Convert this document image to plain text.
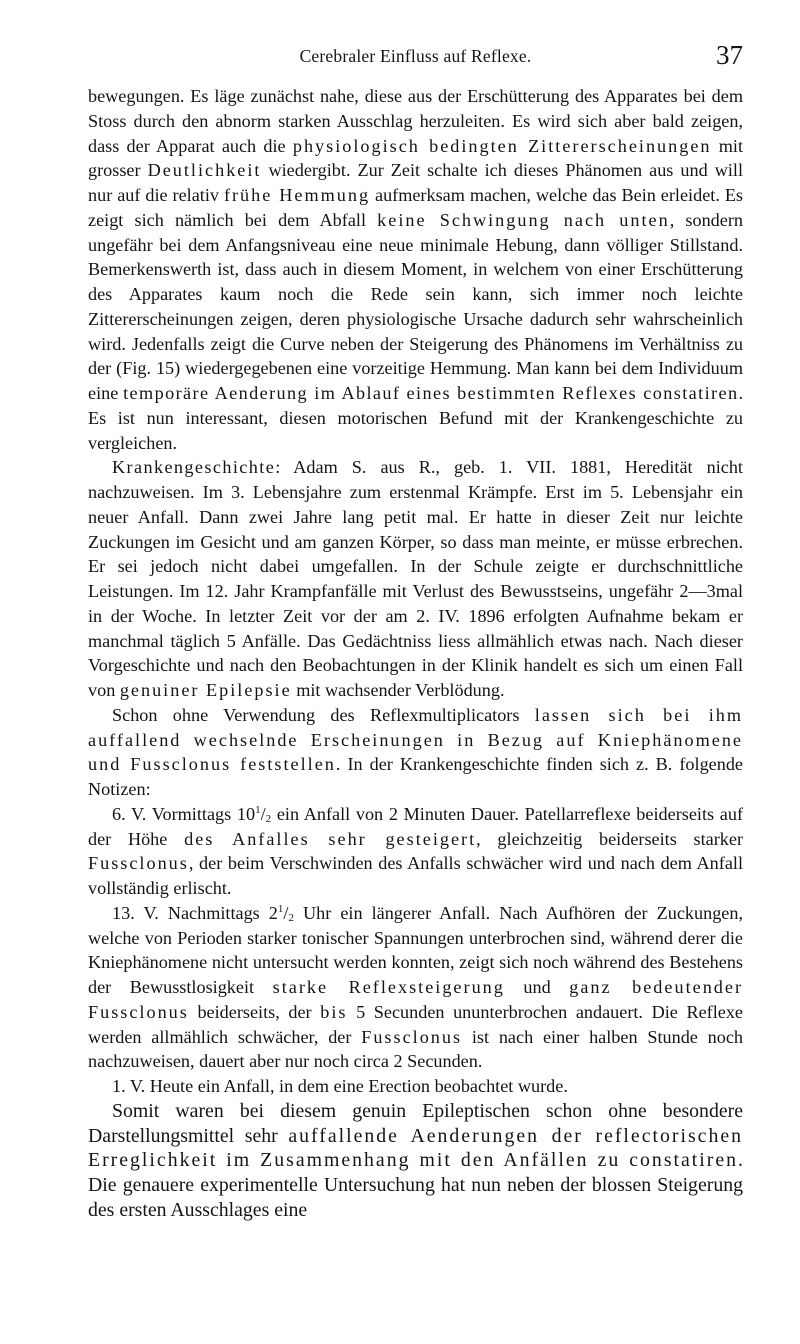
Cerebraler Einfluss auf Reflexe.	37

bewegungen. Es läge zunächst nahe, diese aus der Erschütterung des Apparates bei dem Stoss durch den abnorm starken Ausschlag herzuleiten. Es wird sich aber bald zeigen, dass der Apparat auch die physiologisch bedingten Zittererscheinungen mit grosser Deutlichkeit wiedergibt. Zur Zeit schalte ich dieses Phänomen aus und will nur auf die relativ frühe Hemmung aufmerksam machen, welche das Bein erleidet. Es zeigt sich nämlich bei dem Abfall keine Schwingung nach unten, sondern ungefähr bei dem Anfangsniveau eine neue minimale Hebung, dann völliger Stillstand. Bemerkenswerth ist, dass auch in diesem Moment, in welchem von einer Erschütterung des Apparates kaum noch die Rede sein kann, sich immer noch leichte Zittererscheinungen zeigen, deren physiologische Ursache dadurch sehr wahrscheinlich wird. Jedenfalls zeigt die Curve neben der Steigerung des Phänomens im Verhältniss zu der (Fig. 15) wiedergegebenen eine vorzeitige Hemmung. Man kann bei dem Individuum eine temporäre Aenderung im Ablauf eines bestimmten Reflexes constatiren. Es ist nun interessant, diesen motorischen Befund mit der Krankengeschichte zu vergleichen.

Krankengeschichte: Adam S. aus R., geb. 1. VII. 1881, Heredität nicht nachzuweisen. Im 3. Lebensjahre zum erstenmal Krämpfe. Erst im 5. Lebensjahr ein neuer Anfall. Dann zwei Jahre lang petit mal. Er hatte in dieser Zeit nur leichte Zuckungen im Gesicht und am ganzen Körper, so dass man meinte, er müsse erbrechen. Er sei jedoch nicht dabei umgefallen. In der Schule zeigte er durchschnittliche Leistungen. Im 12. Jahr Krampfanfälle mit Verlust des Bewusstseins, ungefähr 2—3mal in der Woche. In letzter Zeit vor der am 2. IV. 1896 erfolgten Aufnahme bekam er manchmal täglich 5 Anfälle. Das Gedächtniss liess allmählich etwas nach. Nach dieser Vorgeschichte und nach den Beobachtungen in der Klinik handelt es sich um einen Fall von genuiner Epilepsie mit wachsender Verblödung.

Schon ohne Verwendung des Reflexmultiplicators lassen sich bei ihm auffallend wechselnde Erscheinungen in Bezug auf Kniephänomene und Fussclonus feststellen. In der Krankengeschichte finden sich z. B. folgende Notizen:

6. V. Vormittags $10^1/_2$ ein Anfall von 2 Minuten Dauer. Patellarreflexe beiderseits auf der Höhe des Anfalles sehr gesteigert, gleichzeitig beiderseits starker Fussclonus, der beim Verschwinden des Anfalls schwächer wird und nach dem Anfall vollständig erlischt.

13. V. Nachmittags $2^1/_2$ Uhr ein längerer Anfall. Nach Aufhören der Zuckungen, welche von Perioden starker tonischer Spannungen unterbrochen sind, während derer die Kniephänomene nicht untersucht werden konnten, zeigt sich noch während des Bestehens der Bewusstlosigkeit starke Reflexsteigerung und ganz bedeutender Fussclonus beiderseits, der bis 5 Secunden ununterbrochen andauert. Die Reflexe werden allmählich schwächer, der Fussclonus ist nach einer halben Stunde noch nachzuweisen, dauert aber nur noch circa 2 Secunden.

1. V. Heute ein Anfall, in dem eine Erection beobachtet wurde.

Somit waren bei diesem genuin Epileptischen schon ohne besondere Darstellungsmittel sehr auffallende Aenderungen der reflectorischen Erreglichkeit im Zusammenhang mit den Anfällen zu constatiren. Die genauere experimentelle Untersuchung hat nun neben der blossen Steigerung des ersten Ausschlages eine
